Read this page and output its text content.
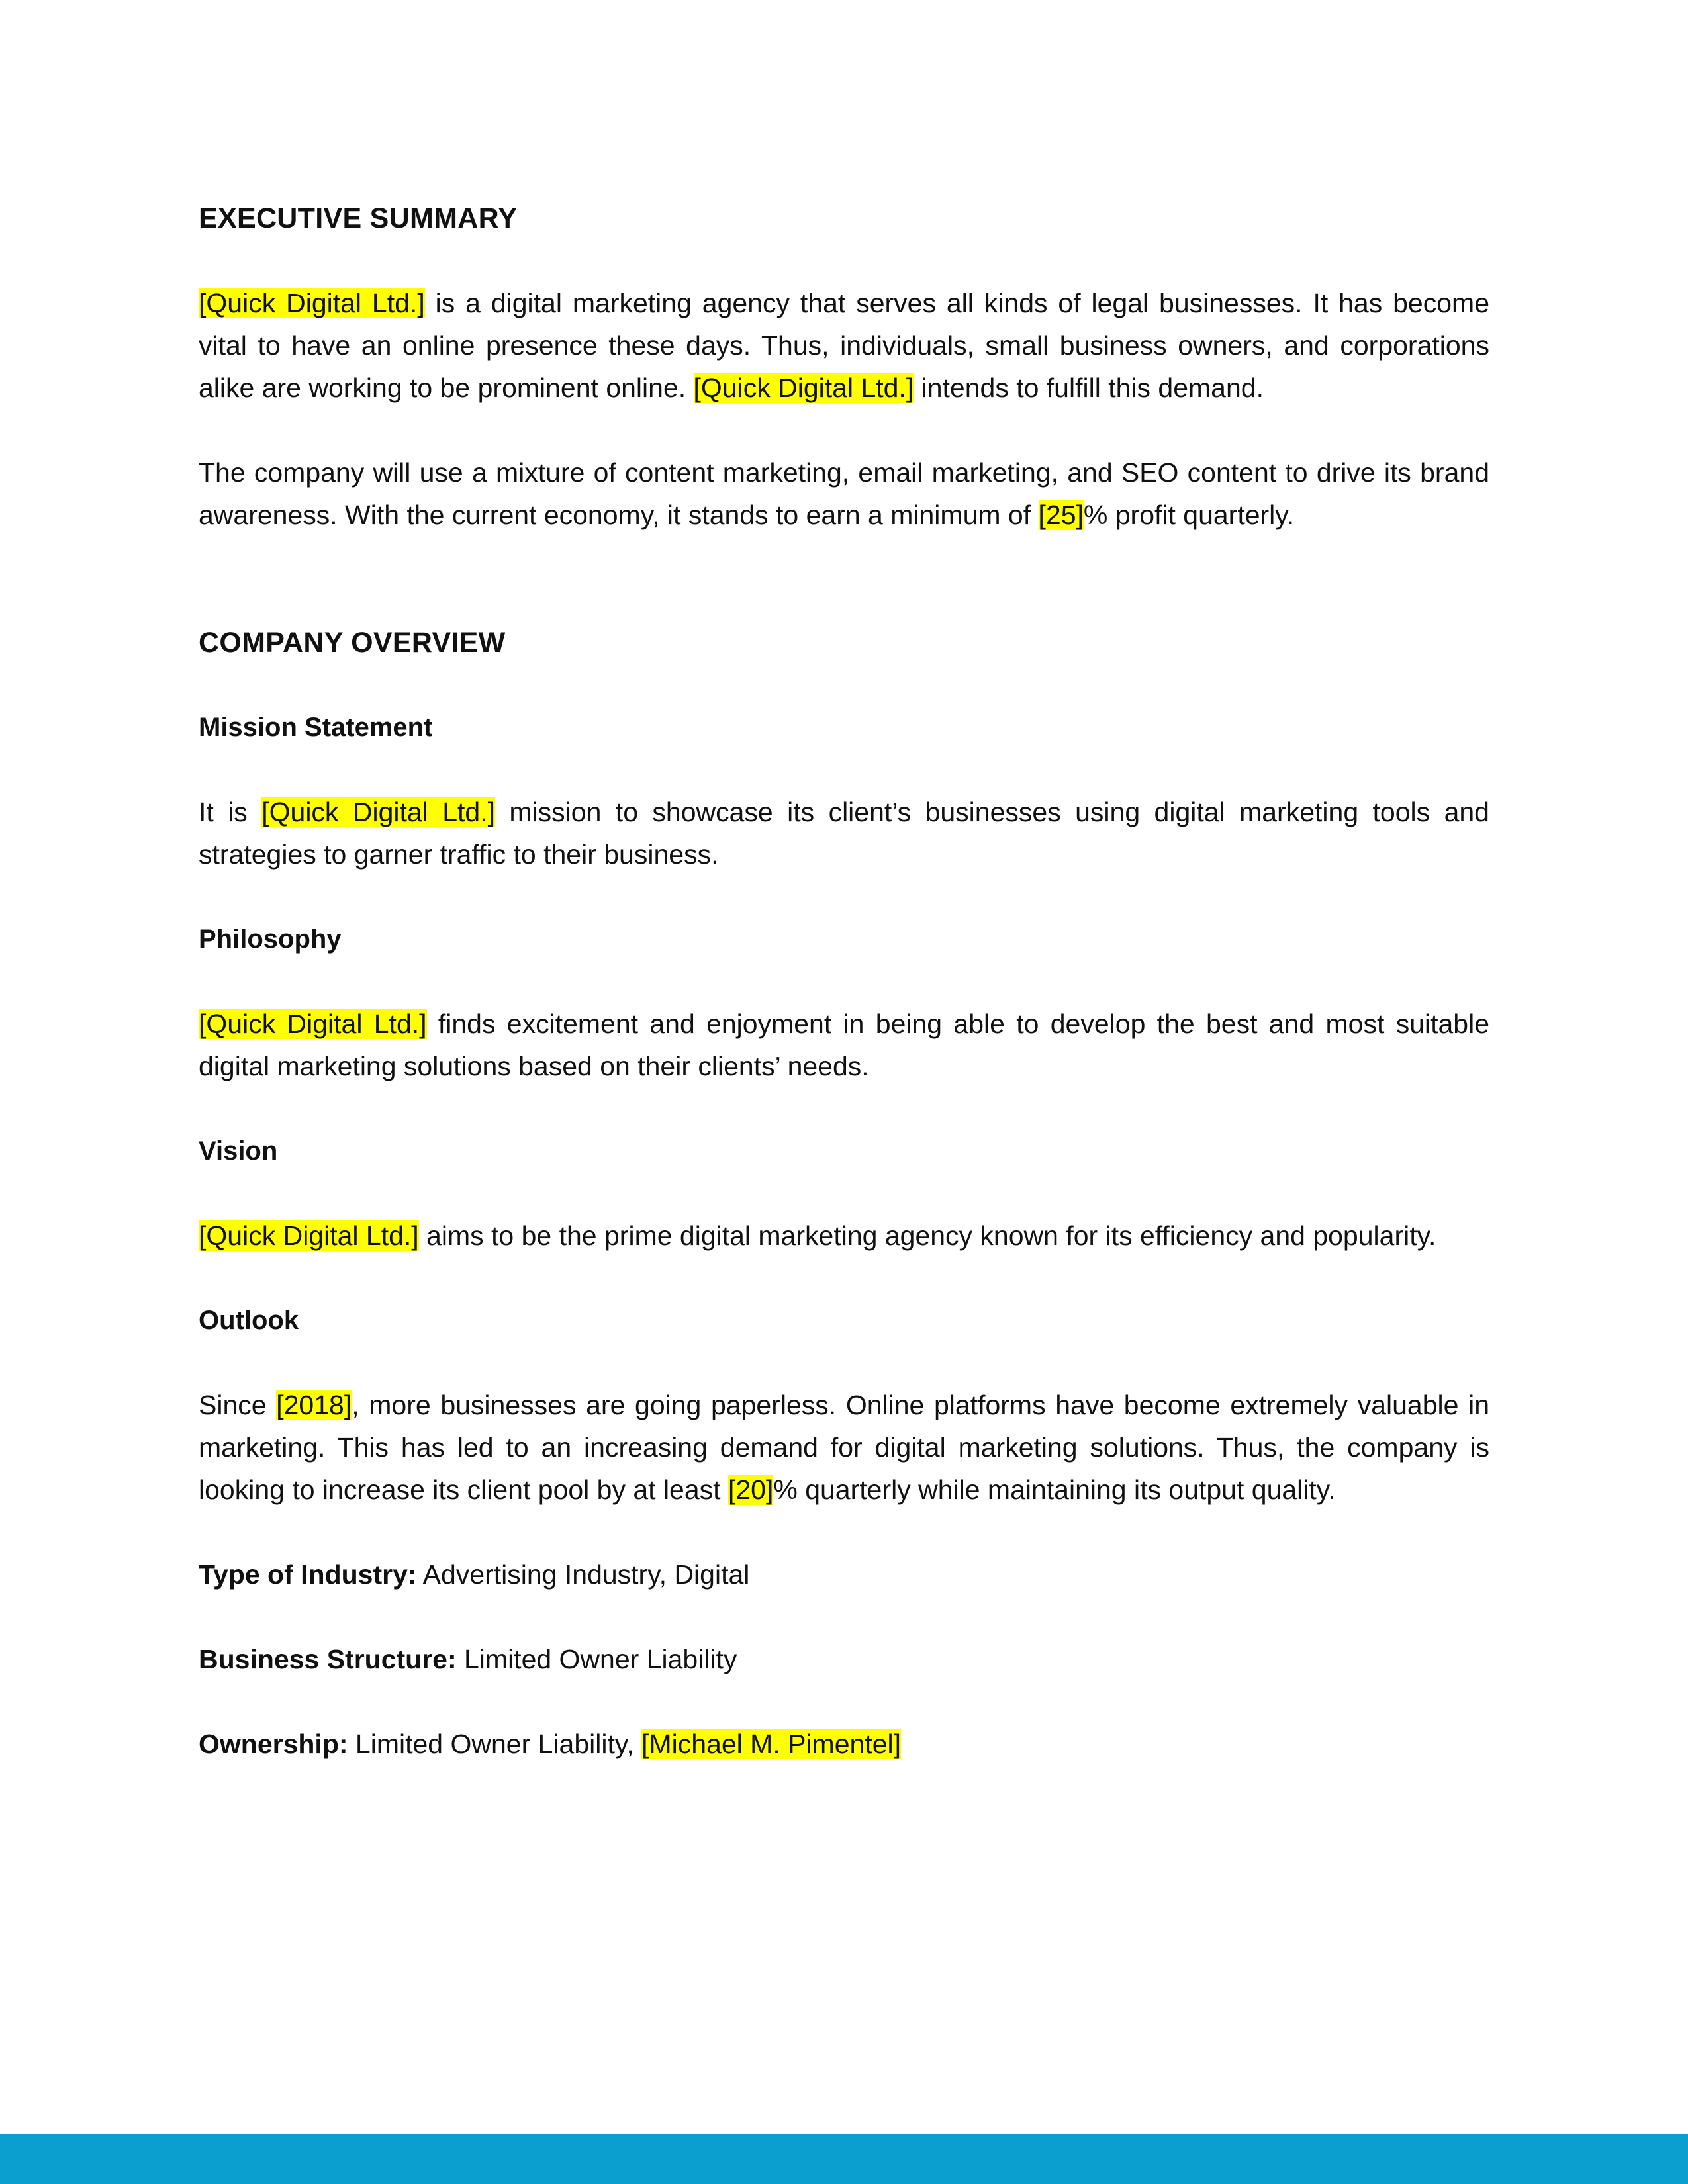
EXECUTIVE SUMMARY

[Quick Digital Ltd.] is a digital marketing agency that serves all kinds of legal businesses. It has become vital to have an online presence these days. Thus, individuals, small business owners, and corporations alike are working to be prominent online. [Quick Digital Ltd.] intends to fulfill this demand.

The company will use a mixture of content marketing, email marketing, and SEO content to drive its brand awareness. With the current economy, it stands to earn a minimum of [25]% profit quarterly.

COMPANY OVERVIEW
Mission Statement

It is [Quick Digital Ltd.] mission to showcase its client’s businesses using digital marketing tools and strategies to garner traffic to their business.

Philosophy

[Quick Digital Ltd.] finds excitement and enjoyment in being able to develop the best and most suitable digital marketing solutions based on their clients’ needs.

Vision

[Quick Digital Ltd.] aims to be the prime digital marketing agency known for its efficiency and popularity.

Outlook

Since [2018], more businesses are going paperless. Online platforms have become extremely valuable in marketing. This has led to an increasing demand for digital marketing solutions. Thus, the company is looking to increase its client pool by at least [20]% quarterly while maintaining its output quality.

Type of Industry: Advertising Industry, Digital

Business Structure: Limited Owner Liability

Ownership: Limited Owner Liability, [Michael M. Pimentel]
